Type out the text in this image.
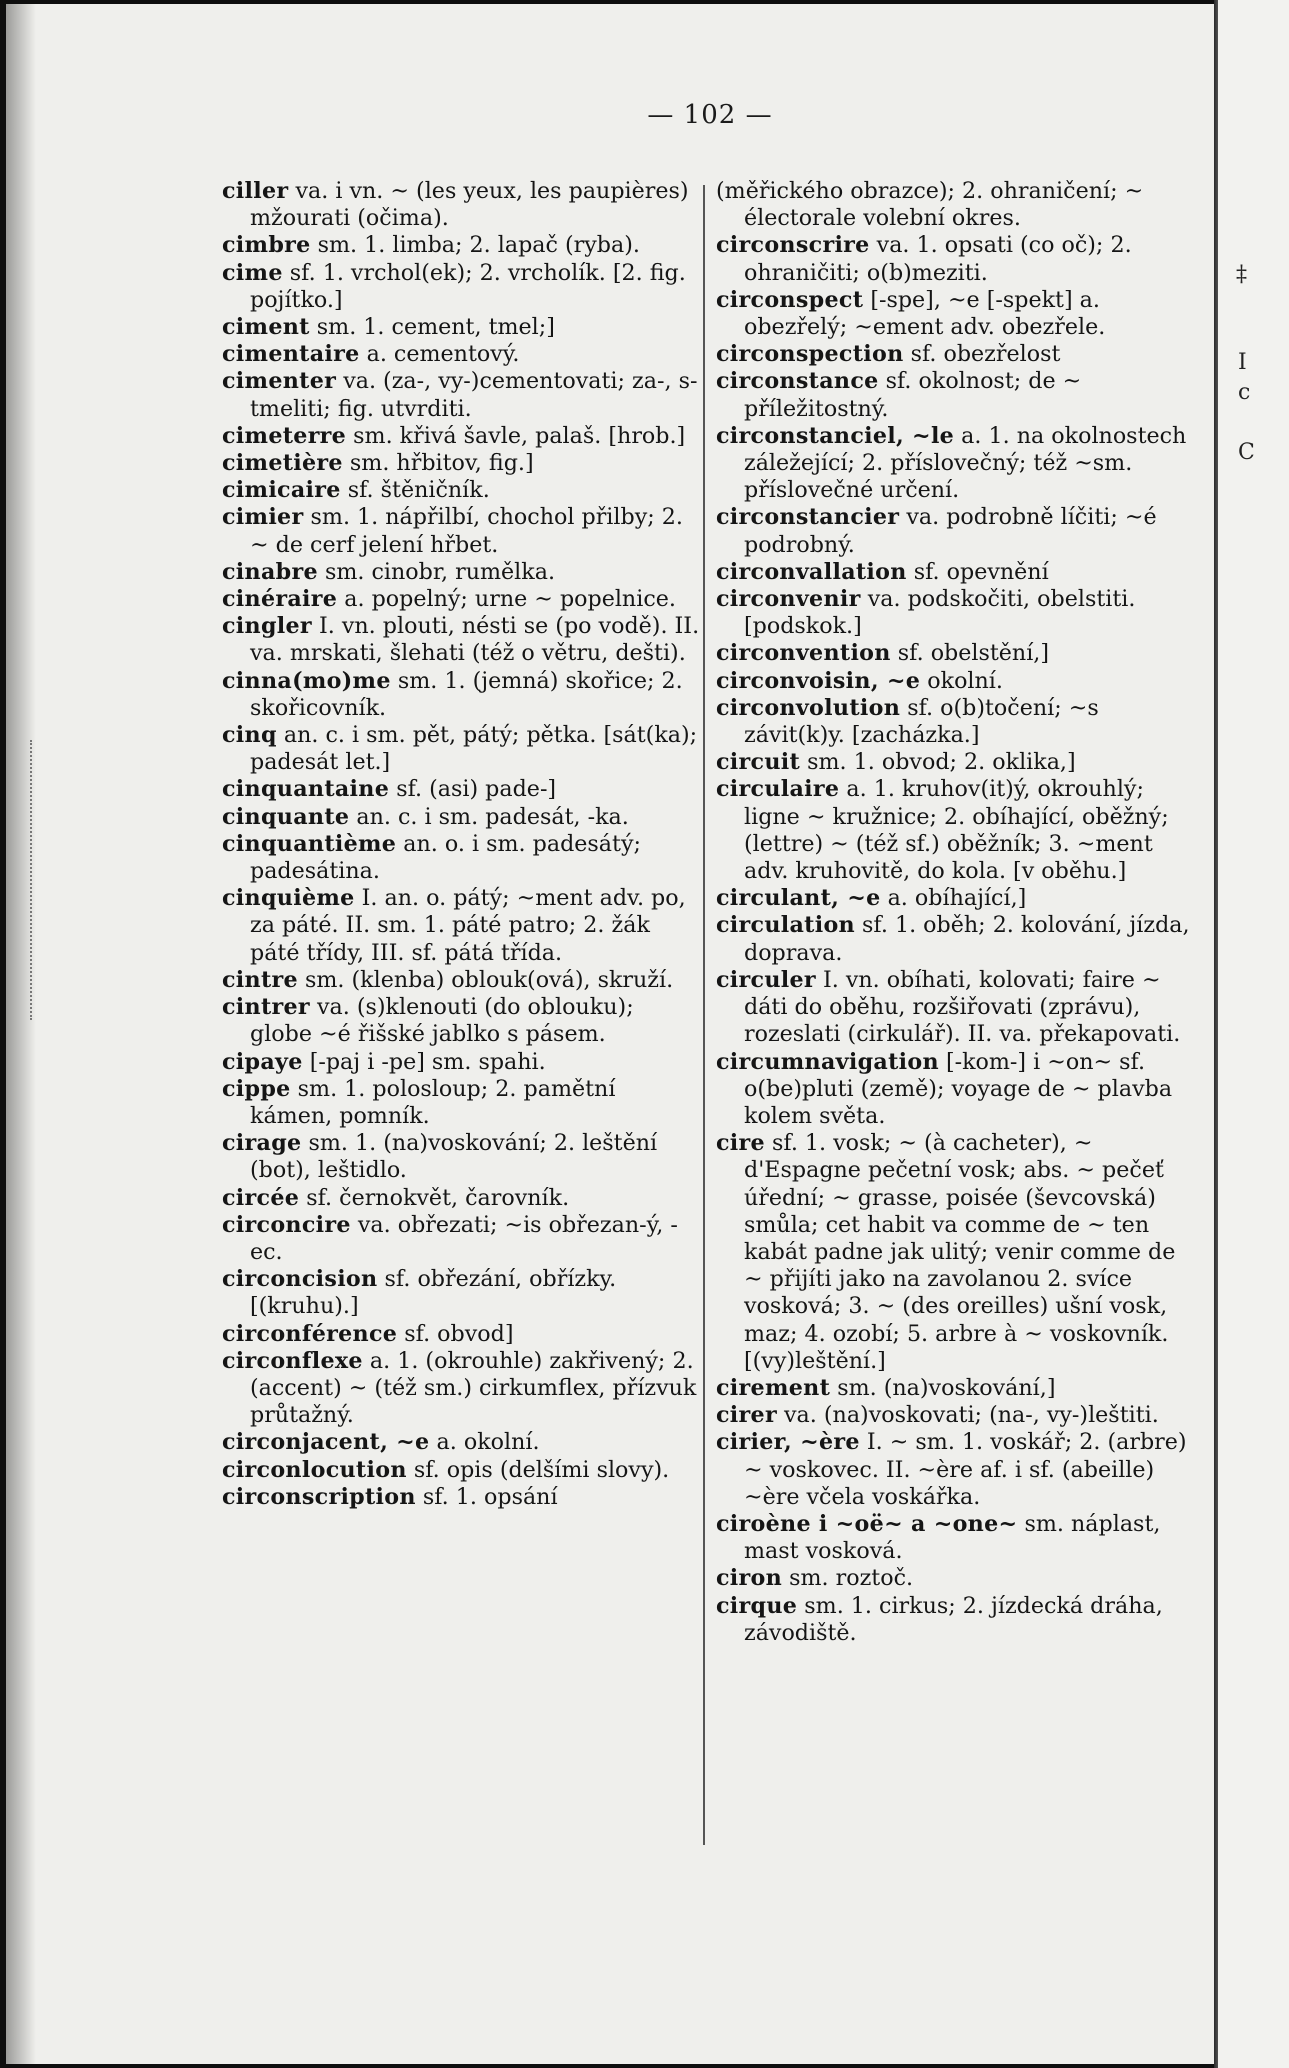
‡
I
c
C
— 102 —
ciller va. i vn. ~ (les yeux, les paupières) mžourati (očima).
cimbre sm. 1. limba; 2. lapač (ryba).
cime sf. 1. vrchol(ek); 2. vrcholík. [2. fig. pojítko.]
ciment sm. 1. cement, tmel;]
cimentaire a. cementový.
cimenter va. (za-, vy-)cementovati; za-, s-tmeliti; fig. utvrditi.
cimeterre sm. křivá šavle, palaš. [hrob.]
cimetière sm. hřbitov, fig.]
cimicaire sf. štěničník.
cimier sm. 1. nápřilbí, chochol přilby; 2. ~ de cerf jelení hřbet.
cinabre sm. cinobr, rumělka.
cinéraire a. popelný; urne ~ popelnice.
cingler I. vn. plouti, nésti se (po vodě). II. va. mrskati, šlehati (též o větru, dešti).
cinna(mo)me sm. 1. (jemná) skořice; 2. skořicovník.
cinq an. c. i sm. pět, pátý; pětka. [sát(ka); padesát let.]
cinquantaine sf. (asi) pade-]
cinquante an. c. i sm. padesát, -ka.
cinquantième an. o. i sm. padesátý; padesátina.
cinquième I. an. o. pátý; ~ment adv. po, za páté. II. sm. 1. páté patro; 2. žák páté třídy, III. sf. pátá třída.
cintre sm. (klenba) oblouk(ová), skruží.
cintrer va. (s)klenouti (do oblouku); globe ~é řišské jablko s pásem.
cipaye [-paj i -pe] sm. spahi.
cippe sm. 1. polosloup; 2. pamětní kámen, pomník.
cirage sm. 1. (na)voskování; 2. leštění (bot), leštidlo.
circée sf. černokvět, čarovník.
circoncire va. obřezati; ~is obřezan-ý, -ec.
circoncision sf. obřezání, obřízky. [(kruhu).]
circonférence sf. obvod]
circonflexe a. 1. (okrouhle) zakřivený; 2. (accent) ~ (též sm.) cirkumflex, přízvuk průtažný.
circonjacent, ~e a. okolní.
circonlocution sf. opis (delšími slovy).
circonscription sf. 1. opsání
(měřického obrazce); 2. ohraničení; ~ électorale volební okres.
circonscrire va. 1. opsati (co oč); 2. ohraničiti; o(b)meziti.
circonspect [-spe], ~e [-spekt] a. obezřelý; ~ement adv. obezřele.
circonspection sf. obezřelost
circonstance sf. okolnost; de ~ příležitostný.
circonstanciel, ~le a. 1. na okolnostech záležející; 2. příslovečný; též ~sm. příslovečné určení.
circonstancier va. podrobně líčiti; ~é podrobný.
circonvallation sf. opevnění
circonvenir va. podskočiti, obelstiti. [podskok.]
circonvention sf. obelstění,]
circonvoisin, ~e okolní.
circonvolution sf. o(b)točení; ~s závit(k)y. [zacházka.]
circuit sm. 1. obvod; 2. oklika,]
circulaire a. 1. kruhov(it)ý, okrouhlý; ligne ~ kružnice; 2. obíhající, oběžný; (lettre) ~ (též sf.) oběžník; 3. ~ment adv. kruhovitě, do kola. [v oběhu.]
circulant, ~e a. obíhající,]
circulation sf. 1. oběh; 2. kolování, jízda, doprava.
circuler I. vn. obíhati, kolovati; faire ~ dáti do oběhu, rozšiřovati (zprávu), rozeslati (cirkulář). II. va. překapovati.
circumnavigation [-kom-] i ~on~ sf. o(be)pluti (země); voyage de ~ plavba kolem světa.
cire sf. 1. vosk; ~ (à cacheter), ~ d'Espagne pečetní vosk; abs. ~ pečeť úřední; ~ grasse, poisée (ševcovská) smůla; cet habit va comme de ~ ten kabát padne jak ulitý; venir comme de ~ přijíti jako na zavolanou 2. svíce vosková; 3. ~ (des oreilles) ušní vosk, maz; 4. ozobí; 5. arbre à ~ voskovník. [(vy)leštění.]
cirement sm. (na)voskování,]
cirer va. (na)voskovati; (na-, vy-)leštiti.
cirier, ~ère I. ~ sm. 1. voskář; 2. (arbre) ~ voskovec. II. ~ère af. i sf. (abeille) ~ère včela voskářka.
ciroène i ~oë~ a ~one~ sm. náplast, mast vosková.
ciron sm. roztoč.
cirque sm. 1. cirkus; 2. jízdecká dráha, závodiště.
